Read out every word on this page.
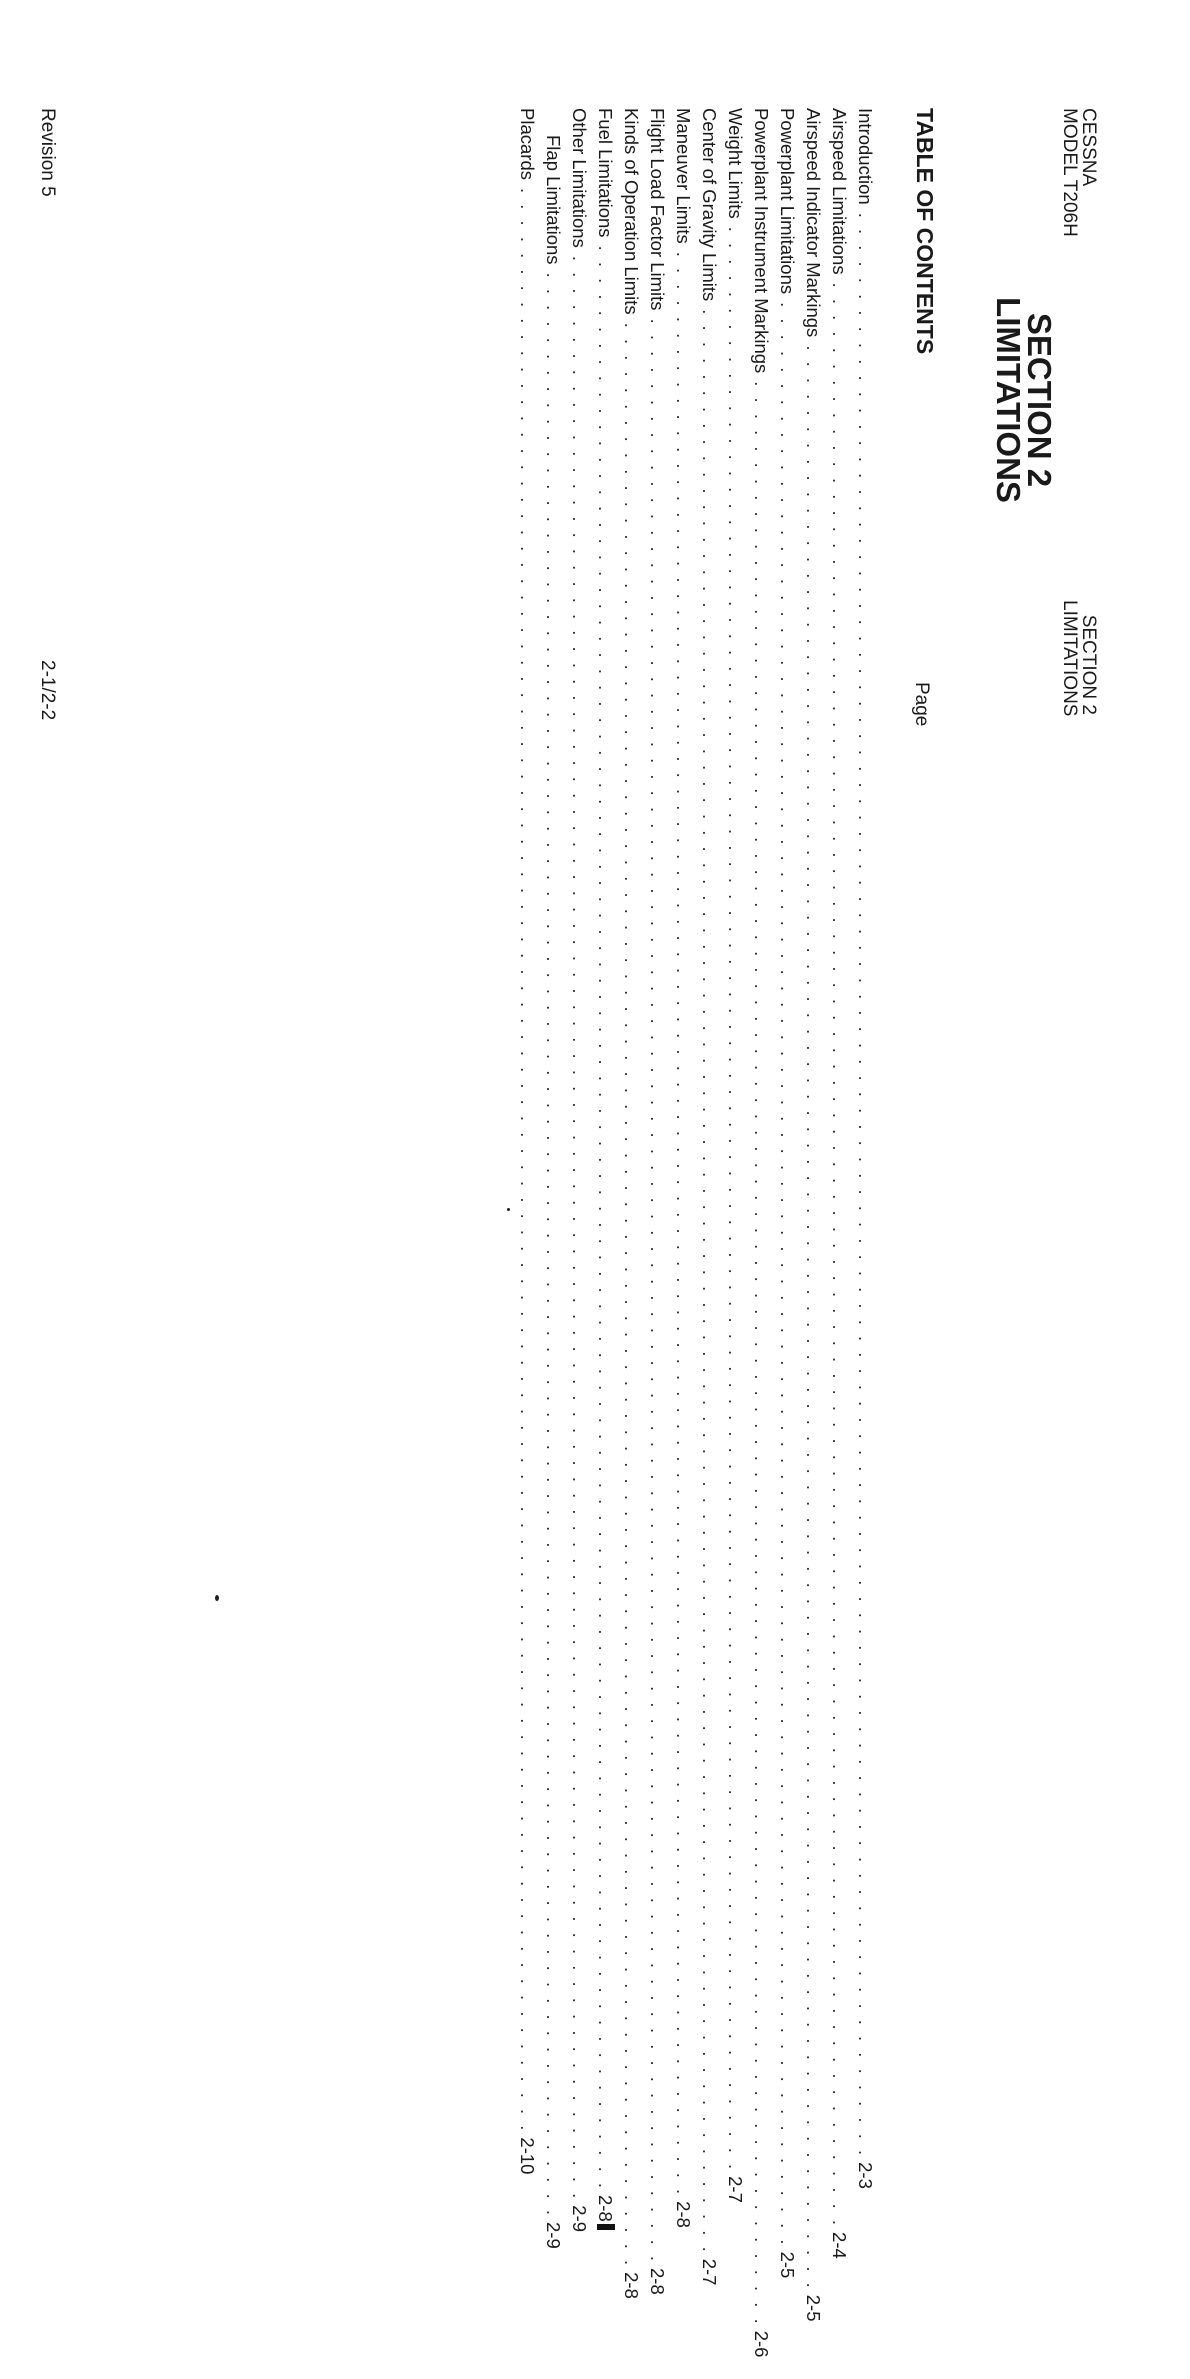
CESSNA
MODEL T206H
SECTION 2
LIMITATIONS
SECTION 2
LIMITATIONS
TABLE OF CONTENTS
Page
Introduction
. . . . . . . . . . . . . . . . . . . . . . . . . . . . . . . . . . . . . . . . . . . . . . . . . . . . . . . . . . . . . . . . . . . . . . . . . . . . . . . . . . . . . . . . . . . . . . . . . . . . . . . . . . . . . . . . . . . . . . . .
2-3
Airspeed Limitations
. . . . . . . . . . . . . . . . . . . . . . . . . . . . . . . . . . . . . . . . . . . . . . . . . . . . . . . . . . . . . . . . . . . . . . . . . . . . . . . . . . . . . . . . . . . . . . . . . . . . . . . . . . . . . . . . . . . . . . . .
2-4
Airspeed Indicator Markings
. . . . . . . . . . . . . . . . . . . . . . . . . . . . . . . . . . . . . . . . . . . . . . . . . . . . . . . . . . . . . . . . . . . . . . . . . . . . . . . . . . . . . . . . . . . . . . . . . . . . . . . . . . . . . . . . . . . . . . . .
2-5
Powerplant Limitations
. . . . . . . . . . . . . . . . . . . . . . . . . . . . . . . . . . . . . . . . . . . . . . . . . . . . . . . . . . . . . . . . . . . . . . . . . . . . . . . . . . . . . . . . . . . . . . . . . . . . . . . . . . . . . . . . . . . . . . . .
2-5
Powerplant Instrument Markings
. . . . . . . . . . . . . . . . . . . . . . . . . . . . . . . . . . . . . . . . . . . . . . . . . . . . . . . . . . . . . . . . . . . . . . . . . . . . . . . . . . . . . . . . . . . . . . . . . . . . . . . . . . . . . . . . . . . . . . . .
2-6
Weight Limits
. . . . . . . . . . . . . . . . . . . . . . . . . . . . . . . . . . . . . . . . . . . . . . . . . . . . . . . . . . . . . . . . . . . . . . . . . . . . . . . . . . . . . . . . . . . . . . . . . . . . . . . . . . . . . . . . . . . . . . . .
2-7
Center of Gravity Limits
. . . . . . . . . . . . . . . . . . . . . . . . . . . . . . . . . . . . . . . . . . . . . . . . . . . . . . . . . . . . . . . . . . . . . . . . . . . . . . . . . . . . . . . . . . . . . . . . . . . . . . . . . . . . . . . . . . . . . . . .
2-7
Maneuver Limits
. . . . . . . . . . . . . . . . . . . . . . . . . . . . . . . . . . . . . . . . . . . . . . . . . . . . . . . . . . . . . . . . . . . . . . . . . . . . . . . . . . . . . . . . . . . . . . . . . . . . . . . . . . . . . . . . . . . . . . . .
2-8
Flight Load Factor Limits
. . . . . . . . . . . . . . . . . . . . . . . . . . . . . . . . . . . . . . . . . . . . . . . . . . . . . . . . . . . . . . . . . . . . . . . . . . . . . . . . . . . . . . . . . . . . . . . . . . . . . . . . . . . . . . . . . . . . . . . .
2-8
Kinds of Operation Limits
. . . . . . . . . . . . . . . . . . . . . . . . . . . . . . . . . . . . . . . . . . . . . . . . . . . . . . . . . . . . . . . . . . . . . . . . . . . . . . . . . . . . . . . . . . . . . . . . . . . . . . . . . . . . . . . . . . . . . . . .
2-8
Fuel Limitations
. . . . . . . . . . . . . . . . . . . . . . . . . . . . . . . . . . . . . . . . . . . . . . . . . . . . . . . . . . . . . . . . . . . . . . . . . . . . . . . . . . . . . . . . . . . . . . . . . . . . . . . . . . . . . . . . . . . . . . . .
2-8
Other Limitations
. . . . . . . . . . . . . . . . . . . . . . . . . . . . . . . . . . . . . . . . . . . . . . . . . . . . . . . . . . . . . . . . . . . . . . . . . . . . . . . . . . . . . . . . . . . . . . . . . . . . . . . . . . . . . . . . . . . . . . . .
2-9
Flap Limitations
. . . . . . . . . . . . . . . . . . . . . . . . . . . . . . . . . . . . . . . . . . . . . . . . . . . . . . . . . . . . . . . . . . . . . . . . . . . . . . . . . . . . . . . . . . . . . . . . . . . . . . . . . . . . . . . . . . . . . . . .
2-9
Placards
. . . . . . . . . . . . . . . . . . . . . . . . . . . . . . . . . . . . . . . . . . . . . . . . . . . . . . . . . . . . . . . . . . . . . . . . . . . . . . . . . . . . . . . . . . . . . . . . . . . . . . . . . . . . . . . . . . . . . . . .
2-10
Revision 5
2-1/2-2
